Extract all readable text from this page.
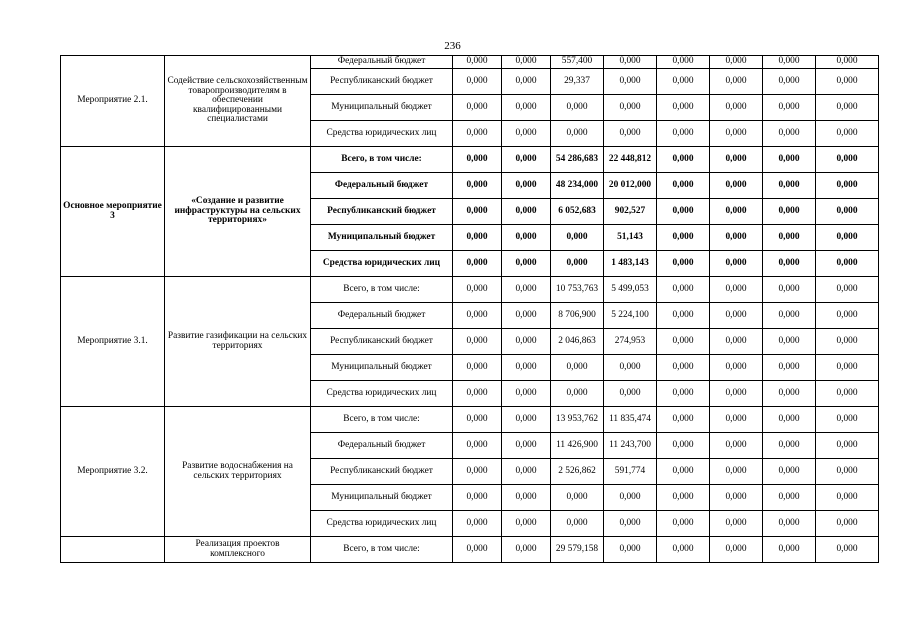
236
Мероприятие 2.1.	Содействие сельскохозяйственным товаропроизводителям в обеспечении квалифицированными специалистами	Федеральный бюджет	0,000	0,000	557,400	0,000	0,000	0,000	0,000	0,000
		Республиканский бюджет	0,000	0,000	29,337	0,000	0,000	0,000	0,000	0,000
		Муниципальный бюджет	0,000	0,000	0,000	0,000	0,000	0,000	0,000	0,000
		Средства юридических лиц	0,000	0,000	0,000	0,000	0,000	0,000	0,000	0,000
Основное мероприятие 3	«Создание и развитие инфраструктуры на сельских территориях»	Всего, в том числе:	0,000	0,000	54 286,683	22 448,812	0,000	0,000	0,000	0,000
		Федеральный бюджет	0,000	0,000	48 234,000	20 012,000	0,000	0,000	0,000	0,000
		Республиканский бюджет	0,000	0,000	6 052,683	902,527	0,000	0,000	0,000	0,000
		Муниципальный бюджет	0,000	0,000	0,000	51,143	0,000	0,000	0,000	0,000
		Средства юридических лиц	0,000	0,000	0,000	1 483,143	0,000	0,000	0,000	0,000
Мероприятие 3.1.	Развитие газификации на сельских территориях	Всего, в том числе:	0,000	0,000	10 753,763	5 499,053	0,000	0,000	0,000	0,000
		Федеральный бюджет	0,000	0,000	8 706,900	5 224,100	0,000	0,000	0,000	0,000
		Республиканский бюджет	0,000	0,000	2 046,863	274,953	0,000	0,000	0,000	0,000
		Муниципальный бюджет	0,000	0,000	0,000	0,000	0,000	0,000	0,000	0,000
		Средства юридических лиц	0,000	0,000	0,000	0,000	0,000	0,000	0,000	0,000
Мероприятие 3.2.	Развитие водоснабжения на сельских территориях	Всего, в том числе:	0,000	0,000	13 953,762	11 835,474	0,000	0,000	0,000	0,000
		Федеральный бюджет	0,000	0,000	11 426,900	11 243,700	0,000	0,000	0,000	0,000
		Республиканский бюджет	0,000	0,000	2 526,862	591,774	0,000	0,000	0,000	0,000
		Муниципальный бюджет	0,000	0,000	0,000	0,000	0,000	0,000	0,000	0,000
		Средства юридических лиц	0,000	0,000	0,000	0,000	0,000	0,000	0,000	0,000
	Реализация проектов комплексного	Всего, в том числе:	0,000	0,000	29 579,158	0,000	0,000	0,000	0,000	0,000
